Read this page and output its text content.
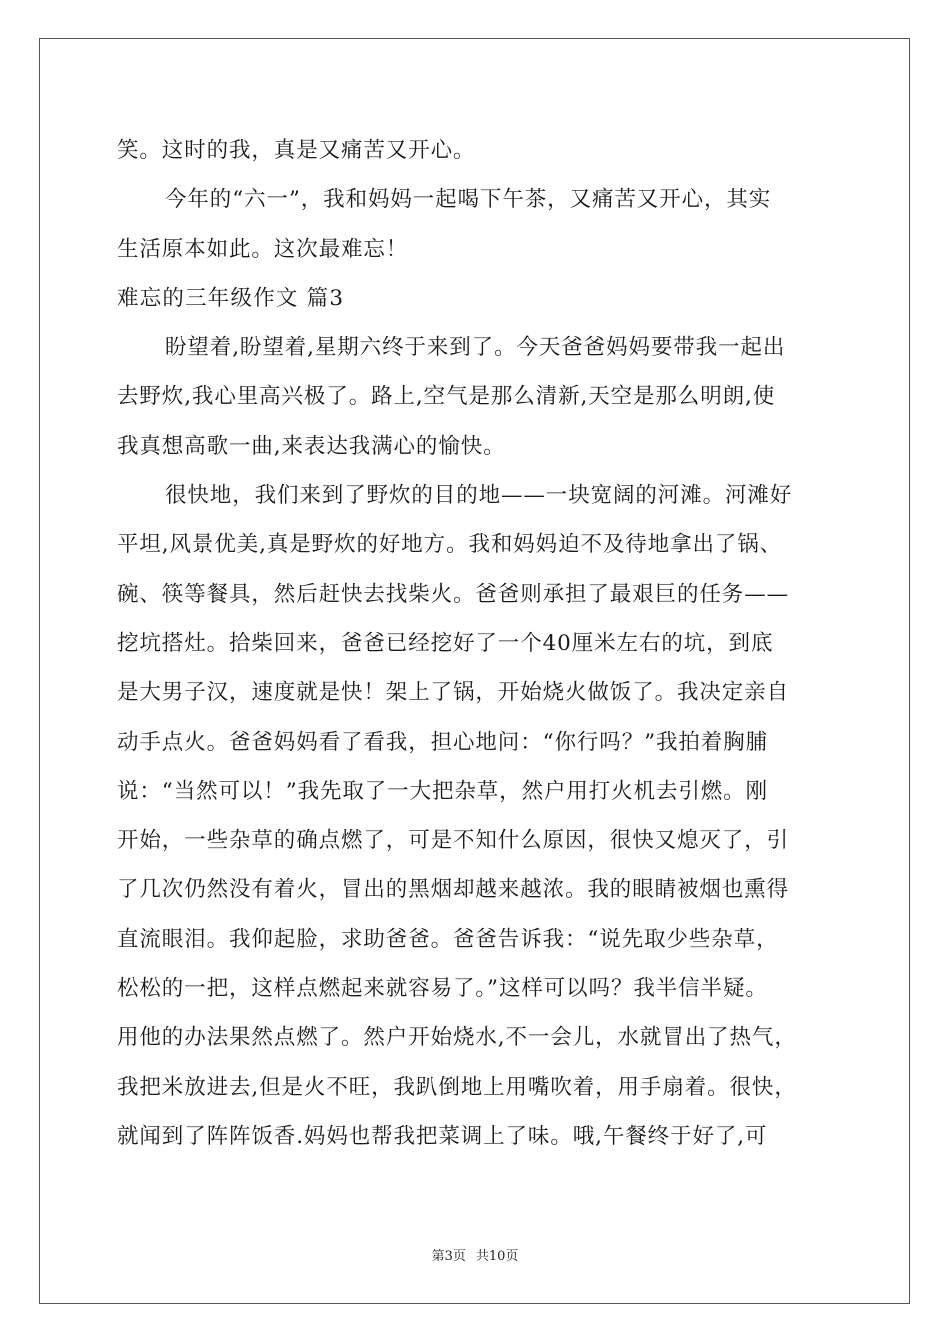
笑。这时的我，真是又痛苦又开心。
今年的“六一”，我和妈妈一起喝下午茶，又痛苦又开心，其实
生活原本如此。这次最难忘！
难忘的三年级作文 篇3
盼望着,盼望着,星期六终于来到了。今天爸爸妈妈要带我一起出
去野炊,我心里高兴极了。路上,空气是那么清新,天空是那么明朗,使
我真想高歌一曲,来表达我满心的愉快。
很快地，我们来到了野炊的目的地——一块宽阔的河滩。河滩好
平坦,风景优美,真是野炊的好地方。我和妈妈迫不及待地拿出了锅、
碗、筷等餐具，然后赶快去找柴火。爸爸则承担了最艰巨的任务——
挖坑搭灶。拾柴回来，爸爸已经挖好了一个40厘米左右的坑，到底
是大男子汉，速度就是快！架上了锅，开始烧火做饭了。我决定亲自
动手点火。爸爸妈妈看了看我，担心地问：“你行吗？”我拍着胸脯
说：“当然可以！”我先取了一大把杂草，然户用打火机去引燃。刚
开始，一些杂草的确点燃了，可是不知什么原因，很快又熄灭了，引
了几次仍然没有着火，冒出的黑烟却越来越浓。我的眼睛被烟也熏得
直流眼泪。我仰起脸，求助爸爸。爸爸告诉我：“说先取少些杂草，
松松的一把，这样点燃起来就容易了。”这样可以吗？我半信半疑。
用他的办法果然点燃了。然户开始烧水,不一会儿，水就冒出了热气，
我把米放进去,但是火不旺，我趴倒地上用嘴吹着，用手扇着。很快，
就闻到了阵阵饭香.妈妈也帮我把菜调上了味。哦,午餐终于好了,可
第3页 共10页
